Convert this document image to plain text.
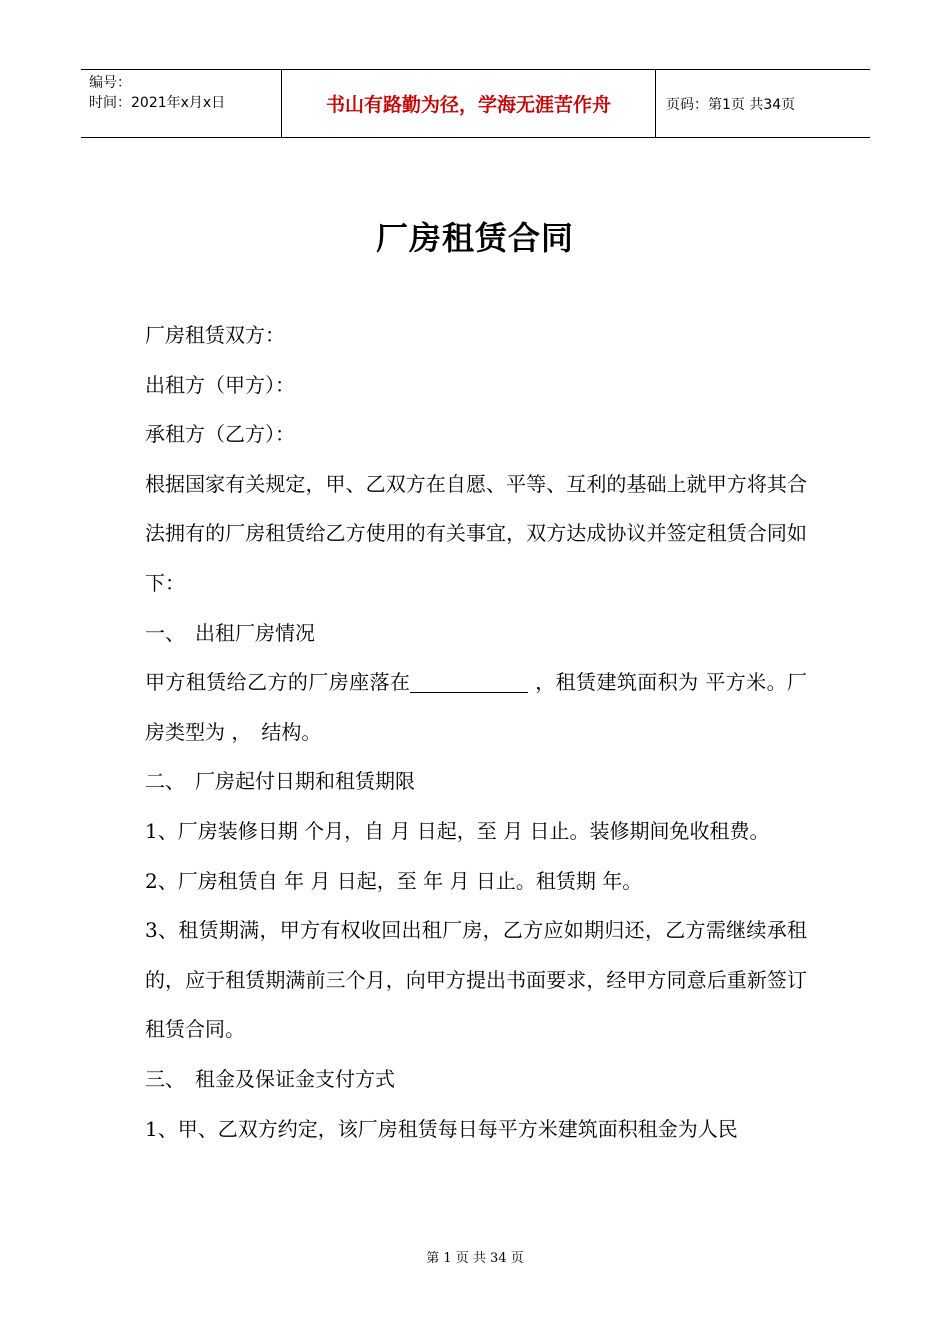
编号：
时间：2021年x月x日	书山有路勤为径，学海无涯苦作舟	页码：第1页 共34页
厂房租赁合同

厂房租赁双方：

出租方（甲方）：

承租方（乙方）：

根据国家有关规定，甲、乙双方在自愿、平等、互利的基础上就甲方将其合法拥有的厂房租赁给乙方使用的有关事宜，双方达成协议并签定租赁合同如下：

一、　出租厂房情况

甲方租赁给乙方的厂房座落在	，租赁建筑面积为 平方米。厂房类型为 ，　结构。

二、　厂房起付日期和租赁期限

1、厂房装修日期 个月，自 月 日起，至 月 日止。装修期间免收租费。

2、厂房租赁自 年 月 日起，至 年 月 日止。租赁期 年。

3、租赁期满，甲方有权收回出租厂房，乙方应如期归还，乙方需继续承租的，应于租赁期满前三个月，向甲方提出书面要求，经甲方同意后重新签订租赁合同。

三、　租金及保证金支付方式

1、甲、乙双方约定，该厂房租赁每日每平方米建筑面积租金为人民

第 1 页 共 34 页
